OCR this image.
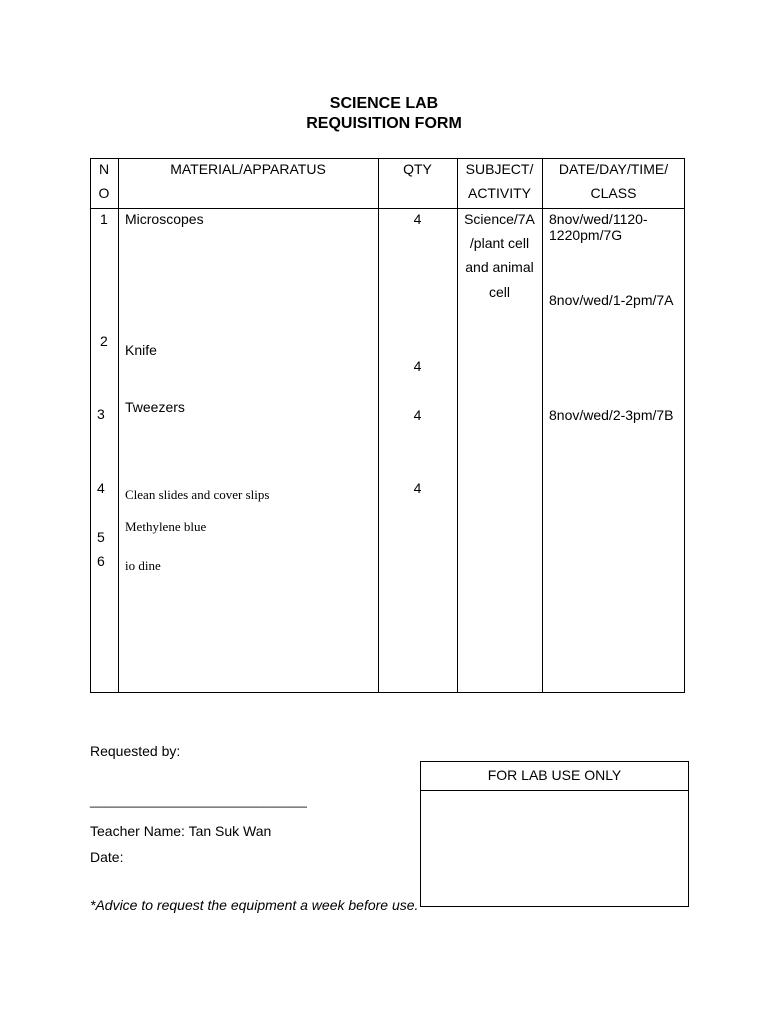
SCIENCE LAB
REQUISITION FORM
N
O
MATERIAL/APPARATUS	QTY	SUBJECT/
ACTIVITY
DATE/DAY/TIME/
CLASS
1
2
3
4
5
6
Microscopes
Knife
Tweezers
Clean slides and cover slips
Methylene blue
io dine
4
4
4
4
Science/7A
/plant cell
and animal
cell
8nov/wed/1120-
1220pm/7G
8nov/wed/1-2pm/7A
8nov/wed/2-3pm/7B
Requested by:
______________________________
Teacher Name: Tan Suk Wan
Date:
*Advice to request the equipment a week before use.
FOR LAB USE ONLY
